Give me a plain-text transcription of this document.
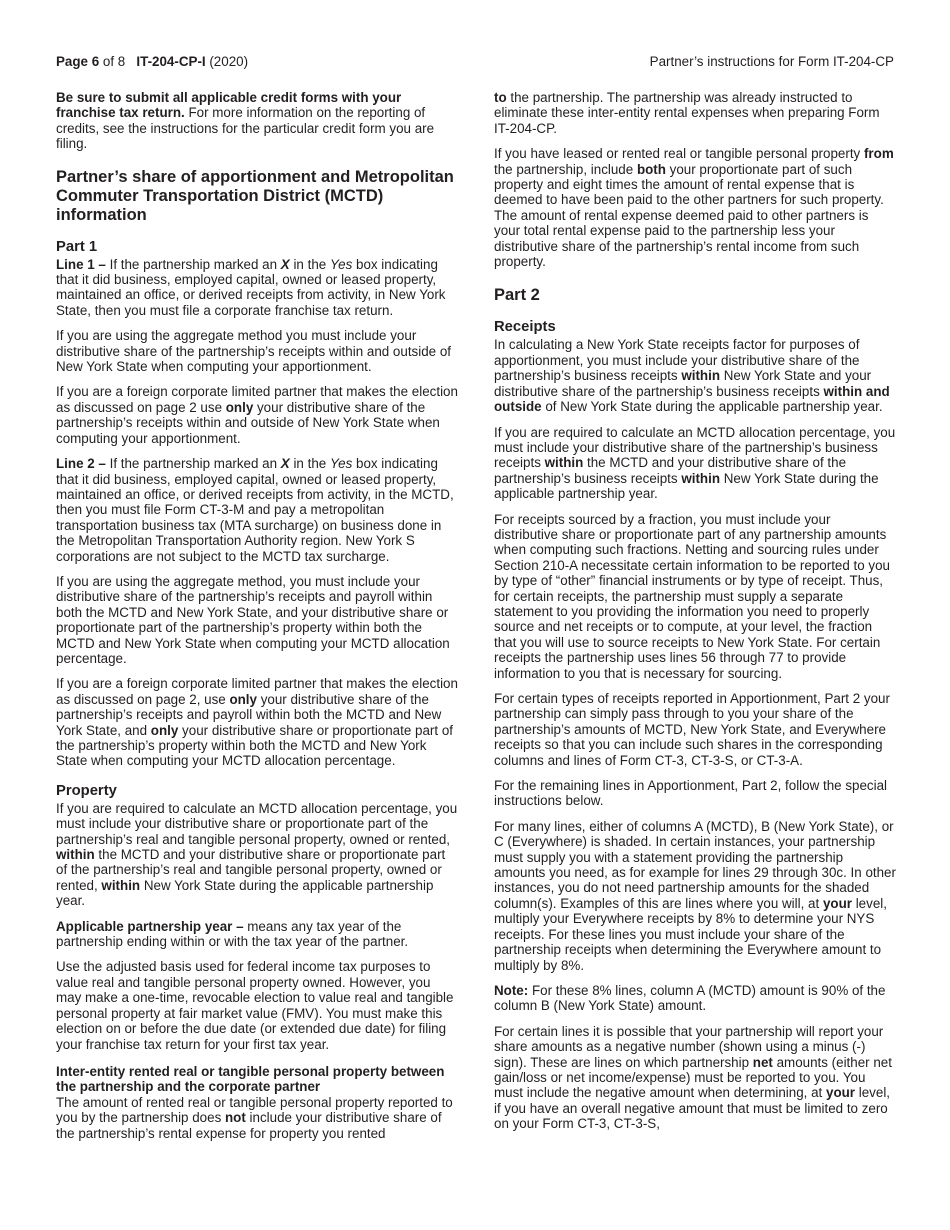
Page 6 of 8 IT-204-CP-I (2020)	Partner’s instructions for Form IT-204-CP

Be sure to submit all applicable credit forms with your franchise tax return. For more information on the reporting of credits, see the instructions for the particular credit form you are filing.

Partner’s share of apportionment and Metropolitan Commuter Transportation District (MCTD) information
Part 1

Line 1 – If the partnership marked an X in the Yes box indicating that it did business, employed capital, owned or leased property, maintained an office, or derived receipts from activity, in New York State, then you must file a corporate franchise tax return.

If you are using the aggregate method you must include your distributive share of the partnership’s receipts within and outside of New York State when computing your apportionment.

If you are a foreign corporate limited partner that makes the election as discussed on page 2 use only your distributive share of the partnership’s receipts within and outside of New York State when computing your apportionment.

Line 2 – If the partnership marked an X in the Yes box indicating that it did business, employed capital, owned or leased property, maintained an office, or derived receipts from activity, in the MCTD, then you must file Form CT-3-M and pay a metropolitan transportation business tax (MTA surcharge) on business done in the Metropolitan Transportation Authority region. New York S corporations are not subject to the MCTD tax surcharge.

If you are using the aggregate method, you must include your distributive share of the partnership’s receipts and payroll within both the MCTD and New York State, and your distributive share or proportionate part of the partnership’s property within both the MCTD and New York State when computing your MCTD allocation percentage.

If you are a foreign corporate limited partner that makes the election as discussed on page 2, use only your distributive share of the partnership’s receipts and payroll within both the MCTD and New York State, and only your distributive share or proportionate part of the partnership’s property within both the MCTD and New York State when computing your MCTD allocation percentage.

Property

If you are required to calculate an MCTD allocation percentage, you must include your distributive share or proportionate part of the partnership’s real and tangible personal property, owned or rented, within the MCTD and your distributive share or proportionate part of the partnership’s real and tangible personal property, owned or rented, within New York State during the applicable partnership year.

Applicable partnership year – means any tax year of the partnership ending within or with the tax year of the partner.

Use the adjusted basis used for federal income tax purposes to value real and tangible personal property owned. However, you may make a one-time, revocable election to value real and tangible personal property at fair market value (FMV). You must make this election on or before the due date (or extended due date) for filing your franchise tax return for your first tax year.

Inter-entity rented real or tangible personal property between the partnership and the corporate partner

The amount of rented real or tangible personal property reported to you by the partnership does not include your distributive share of the partnership’s rental expense for property you rented

to the partnership. The partnership was already instructed to eliminate these inter-entity rental expenses when preparing Form IT-204-CP.

If you have leased or rented real or tangible personal property from the partnership, include both your proportionate part of such property and eight times the amount of rental expense that is deemed to have been paid to the other partners for such property. The amount of rental expense deemed paid to other partners is your total rental expense paid to the partnership less your distributive share of the partnership’s rental income from such property.

Part 2
Receipts

In calculating a New York State receipts factor for purposes of apportionment, you must include your distributive share of the partnership’s business receipts within New York State and your distributive share of the partnership’s business receipts within and outside of New York State during the applicable partnership year.

If you are required to calculate an MCTD allocation percentage, you must include your distributive share of the partnership’s business receipts within the MCTD and your distributive share of the partnership’s business receipts within New York State during the applicable partnership year.

For receipts sourced by a fraction, you must include your distributive share or proportionate part of any partnership amounts when computing such fractions. Netting and sourcing rules under Section 210-A necessitate certain information to be reported to you by type of “other” financial instruments or by type of receipt. Thus, for certain receipts, the partnership must supply a separate statement to you providing the information you need to properly source and net receipts or to compute, at your level, the fraction that you will use to source receipts to New York State. For certain receipts the partnership uses lines 56 through 77 to provide information to you that is necessary for sourcing.

For certain types of receipts reported in Apportionment, Part 2 your partnership can simply pass through to you your share of the partnership’s amounts of MCTD, New York State, and Everywhere receipts so that you can include such shares in the corresponding columns and lines of Form CT-3, CT-3-S, or CT-3-A.

For the remaining lines in Apportionment, Part 2, follow the special instructions below.

For many lines, either of columns A (MCTD), B (New York State), or C (Everywhere) is shaded. In certain instances, your partnership must supply you with a statement providing the partnership amounts you need, as for example for lines 29 through 30c. In other instances, you do not need partnership amounts for the shaded column(s). Examples of this are lines where you will, at your level, multiply your Everywhere receipts by 8% to determine your NYS receipts. For these lines you must include your share of the partnership receipts when determining the Everywhere amount to multiply by 8%.

Note: For these 8% lines, column A (MCTD) amount is 90% of the column B (New York State) amount.

For certain lines it is possible that your partnership will report your share amounts as a negative number (shown using a minus (-) sign). These are lines on which partnership net amounts (either net gain/loss or net income/expense) must be reported to you. You must include the negative amount when determining, at your level, if you have an overall negative amount that must be limited to zero on your Form CT-3, CT-3-S,
